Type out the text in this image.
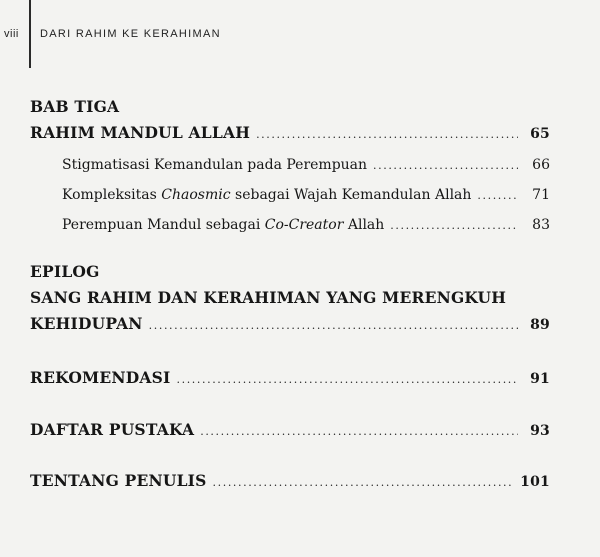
viii DARI RAHIM KE KERAHIMAN
BAB TIGA
RAHIM MANDUL ALLAH .....	65
Stigmatisasi Kemandulan pada Perempuan .....	66
Kompleksitas Chaosmic sebagai Wajah Kemandulan Allah .....	71
Perempuan Mandul sebagai Co-Creator Allah .....	83
EPILOG
SANG RAHIM DAN KERAHIMAN YANG MERENGKUH
KEHIDUPAN .....	89
REKOMENDASI .....	91
DAFTAR PUSTAKA .....	93
TENTANG PENULIS .....	101
